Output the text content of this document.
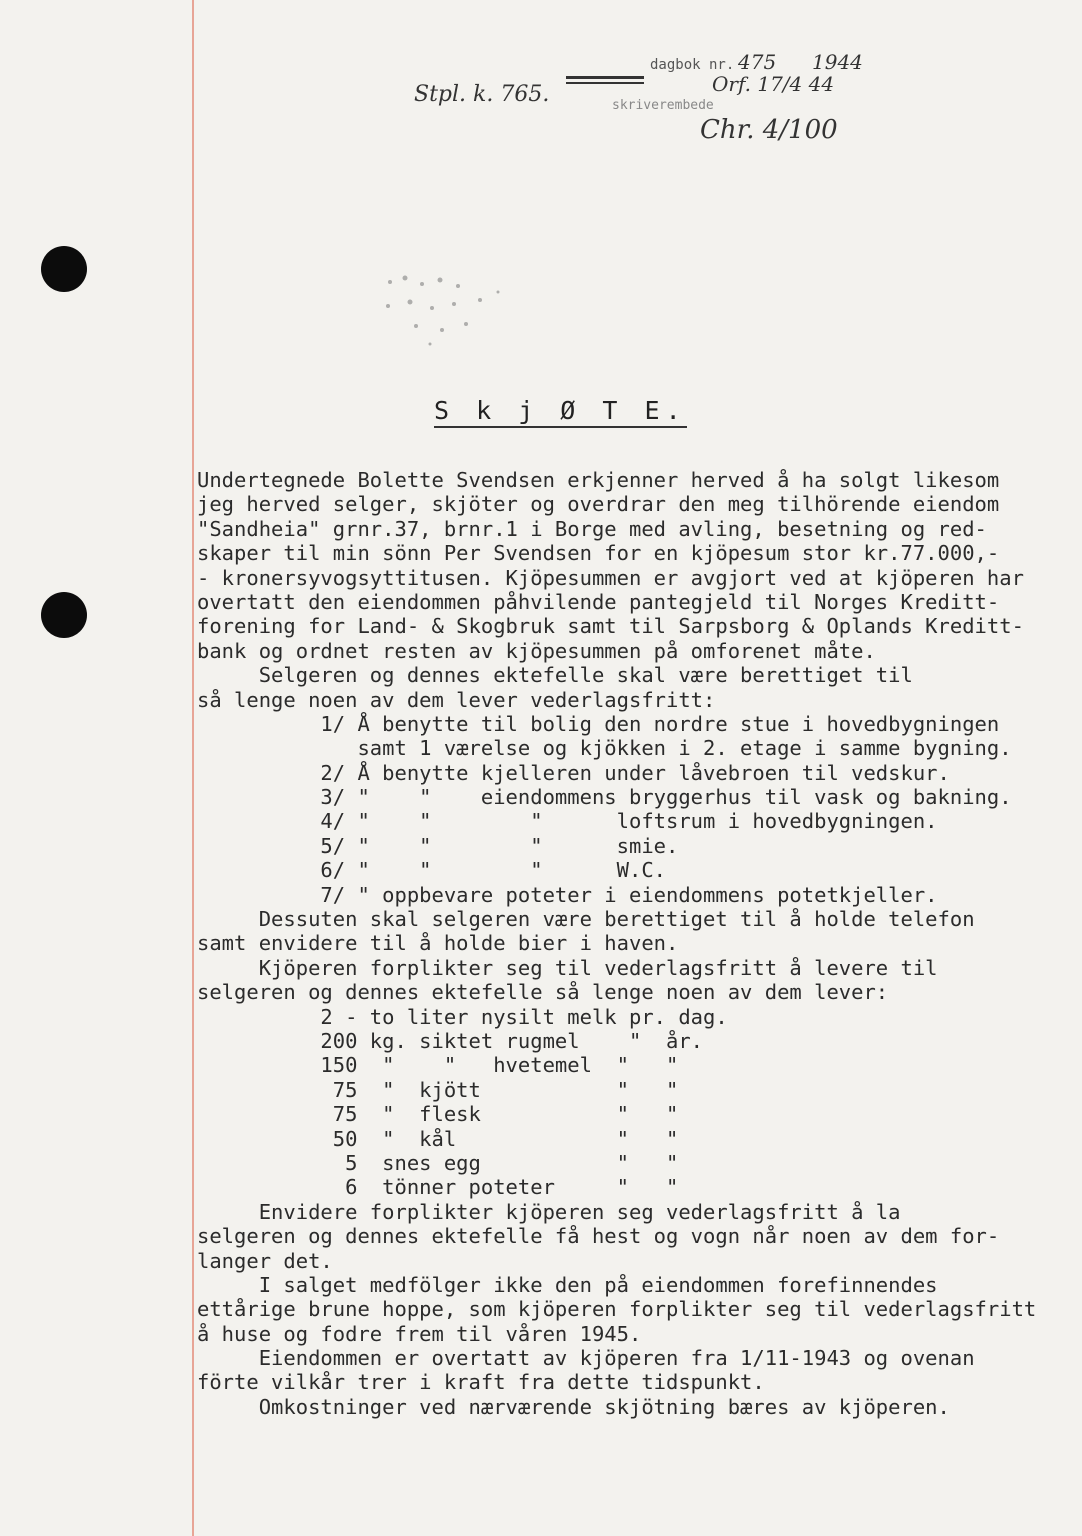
Stpl. k. 765.
dagbok nr. 475 1944
skriverembede
Orf. 17/4 44
Chr. 4/100
S k j Ø T E.
Undertegnede Bolette Svendsen erkjenner herved å ha solgt likesom
jeg herved selger, skjöter og overdrar den meg tilhörende eiendom
"Sandheia" grnr.37, brnr.1 i Borge med avling, besetning og red-
skaper til min sönn Per Svendsen for en kjöpesum stor kr.77.000,-
- kronersyvogsyttitusen. Kjöpesummen er avgjort ved at kjöperen har
overtatt den eiendommen påhvilende pantegjeld til Norges Kreditt-
forening for Land- & Skogbruk samt til Sarpsborg & Oplands Kreditt-
bank og ordnet resten av kjöpesummen på omforenet måte.
Selgeren og dennes ektefelle skal være berettiget til
så lenge noen av dem lever vederlagsfritt:
1/ Å benytte til bolig den nordre stue i hovedbygningen
samt 1 værelse og kjökken i 2. etage i samme bygning.
2/ Å benytte kjelleren under låvebroen til vedskur.
3/ "    "    eiendommens bryggerhus til vask og bakning.
4/ "    "        "      loftsrum i hovedbygningen.
5/ "    "        "      smie.
6/ "    "        "      W.C.
7/ " oppbevare poteter i eiendommens potetkjeller.
Dessuten skal selgeren være berettiget til å holde telefon
samt envidere til å holde bier i haven.
Kjöperen forplikter seg til vederlagsfritt å levere til
selgeren og dennes ektefelle så lenge noen av dem lever:
2 - to liter nysilt melk pr. dag.
200 kg. siktet rugmel    "  år.
150  "    "   hvetemel  "   "
75  "  kjött           "   "
75  "  flesk           "   "
50  "  kål             "   "
5  snes egg           "   "
6  tönner poteter     "   "
Envidere forplikter kjöperen seg vederlagsfritt å la
selgeren og dennes ektefelle få hest og vogn når noen av dem for-
langer det.
I salget medfölger ikke den på eiendommen forefinnendes
ettårige brune hoppe, som kjöperen forplikter seg til vederlagsfritt
å huse og fodre frem til våren 1945.
Eiendommen er overtatt av kjöperen fra 1/11-1943 og ovenan
förte vilkår trer i kraft fra dette tidspunkt.
Omkostninger ved nærværende skjötning bæres av kjöperen.
